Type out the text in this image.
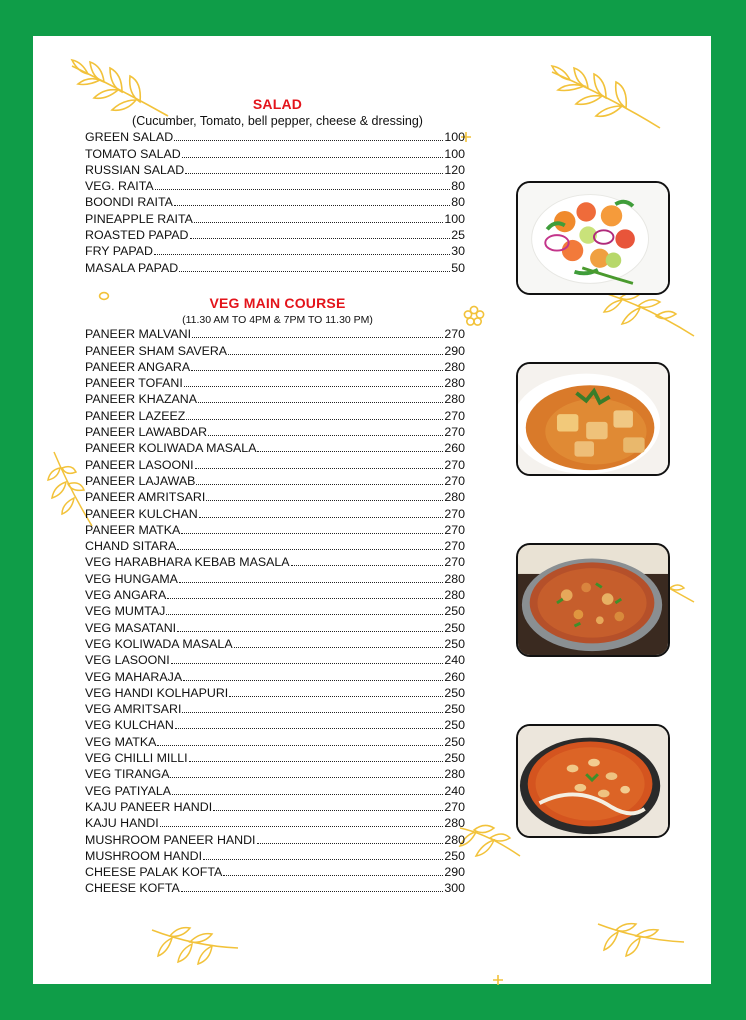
SALAD
(Cucumber, Tomato, bell pepper, cheese & dressing)
GREEN SALAD	100
TOMATO SALAD	100
RUSSIAN SALAD	120
VEG. RAITA	80
BOONDI RAITA	80
PINEAPPLE RAITA	100
ROASTED PAPAD	25
FRY PAPAD	30
MASALA PAPAD	50
VEG MAIN COURSE
(11.30 AM TO 4PM & 7PM TO 11.30 PM)
PANEER MALVANI	270
PANEER SHAM SAVERA	290
PANEER ANGARA	280
PANEER TOFANI	280
PANEER KHAZANA	280
PANEER LAZEEZ	270
PANEER LAWABDAR	270
PANEER KOLIWADA MASALA	260
PANEER LASOONI	270
PANEER LAJAWAB	270
PANEER AMRITSARI	280
PANEER KULCHAN	270
PANEER MATKA	270
CHAND SITARA	270
VEG HARABHARA KEBAB MASALA	270
VEG HUNGAMA	280
VEG ANGARA	280
VEG MUMTAJ	250
VEG MASATANI	250
VEG KOLIWADA MASALA	250
VEG LASOONI	240
VEG MAHARAJA	260
VEG HANDI KOLHAPURI	250
VEG AMRITSARI	250
VEG KULCHAN	250
VEG MATKA	250
VEG CHILLI MILLI	250
VEG TIRANGA	280
VEG PATIYALA	240
KAJU PANEER HANDI	270
KAJU HANDI	280
MUSHROOM PANEER HANDI	280
MUSHROOM HANDI	250
CHEESE PALAK KOFTA	290
CHEESE KOFTA	300
